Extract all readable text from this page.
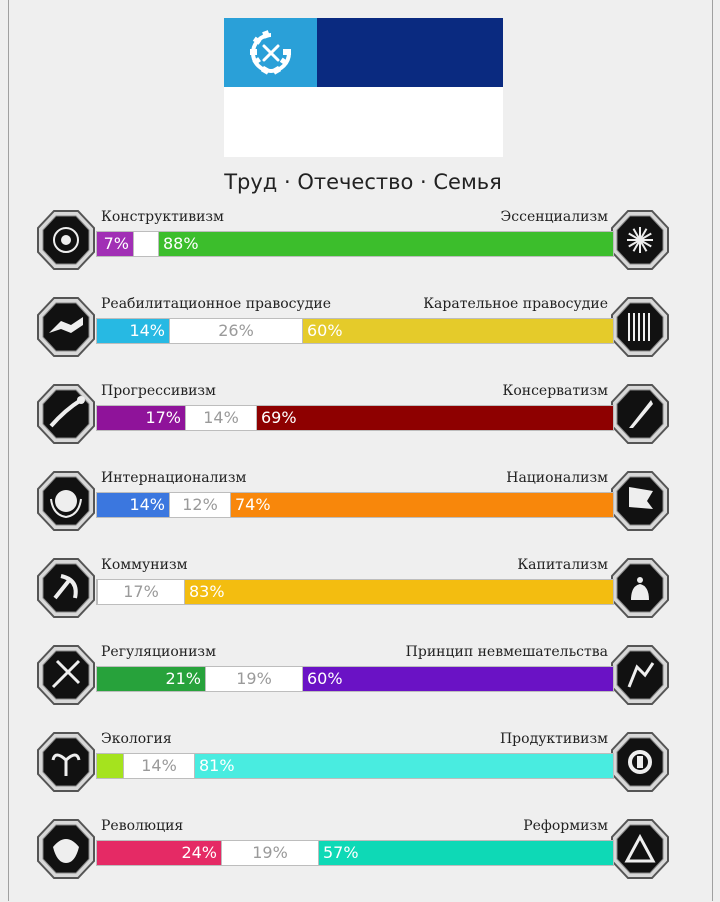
Труд · Отечество · Семья
Конструктивизм	Эссенциализм
7% 88%
Реабилитационное правосудие	Карательное правосудие
14%	26%	60%
Прогрессивизм	Консерватизм
17%	14%	69%
Интернационализм	Национализм
14%	12%	74%
Коммунизм	Капитализм
17%	83%
Регуляционизм	Принцип невмешательства
21%	19%	60%
Экология	Продуктивизм
14%	81%
Революция	Реформизм
24%	19%	57%
